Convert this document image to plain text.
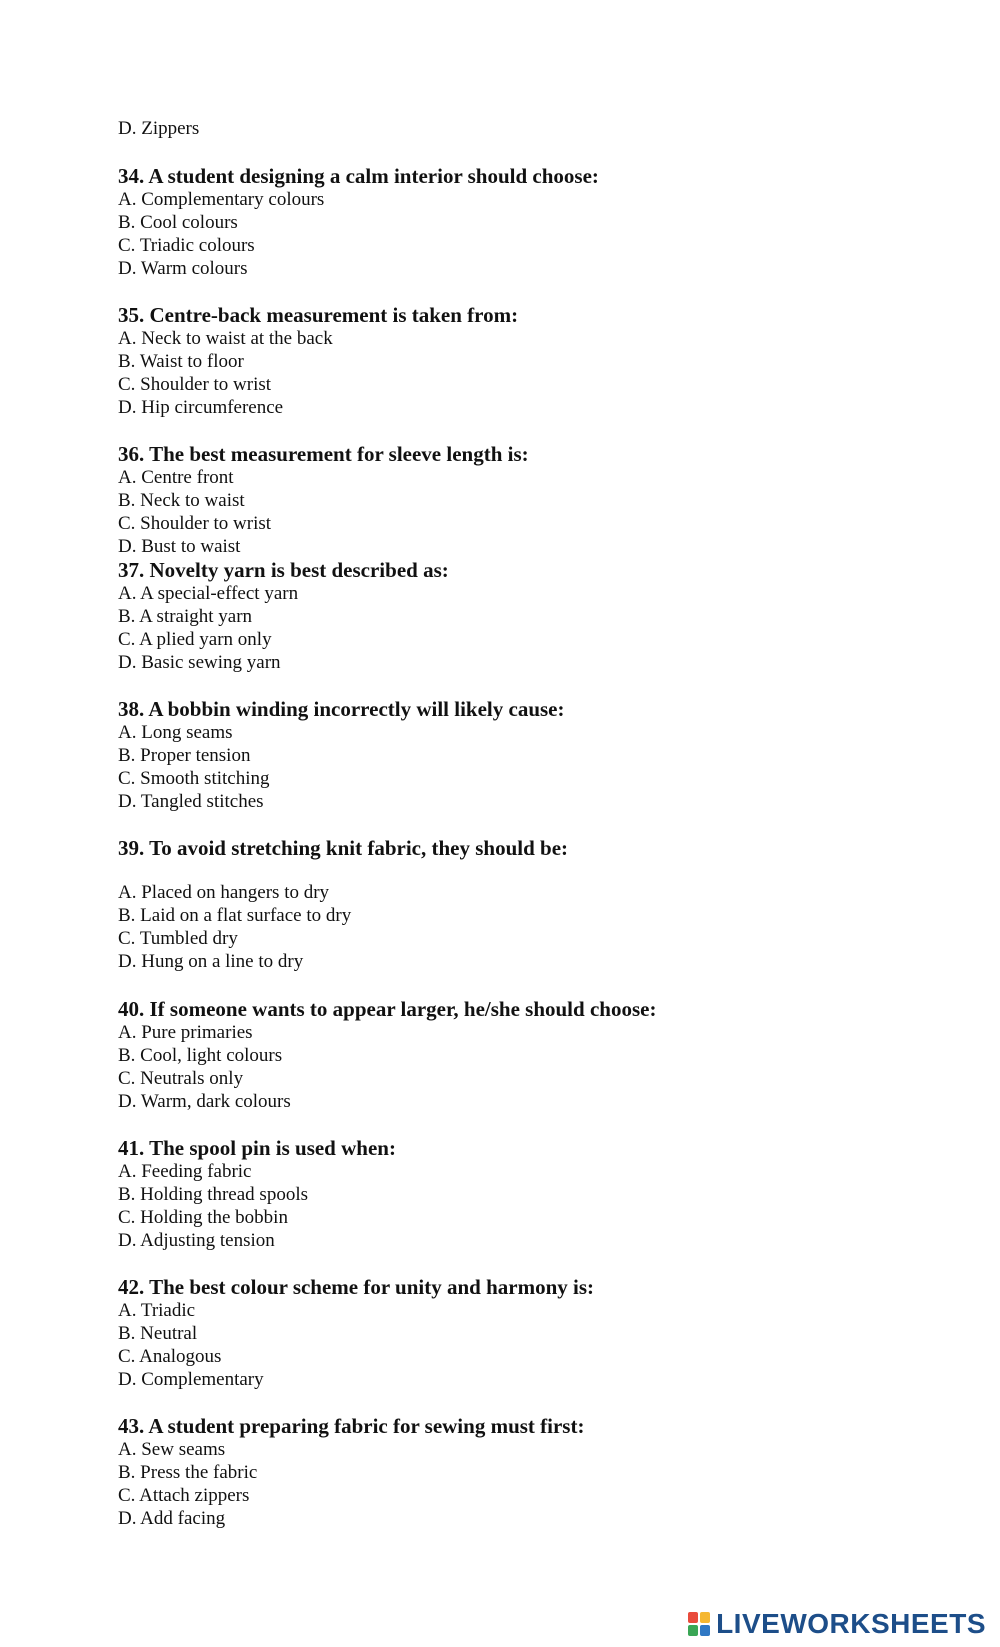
D. Zippers
34. A student designing a calm interior should choose:
A. Complementary colours
B. Cool colours
C. Triadic colours
D. Warm colours
35. Centre-back measurement is taken from:
A. Neck to waist at the back
B. Waist to floor
C. Shoulder to wrist
D. Hip circumference
36. The best measurement for sleeve length is:
A. Centre front
B. Neck to waist
C. Shoulder to wrist
D. Bust to waist
37. Novelty yarn is best described as:
A. A special-effect yarn
B. A straight yarn
C. A plied yarn only
D. Basic sewing yarn
38. A bobbin winding incorrectly will likely cause:
A. Long seams
B. Proper tension
C. Smooth stitching
D. Tangled stitches
39. To avoid stretching knit fabric, they should be:
A. Placed on hangers to dry
B. Laid on a flat surface to dry
C. Tumbled dry
D. Hung on a line to dry
40. If someone wants to appear larger, he/she should choose:
A. Pure primaries
B. Cool, light colours
C. Neutrals only
D. Warm, dark colours
41. The spool pin is used when:
A. Feeding fabric
B. Holding thread spools
C. Holding the bobbin
D. Adjusting tension
42. The best colour scheme for unity and harmony is:
A. Triadic
B. Neutral
C. Analogous
D. Complementary
43. A student preparing fabric for sewing must first:
A. Sew seams
B. Press the fabric
C. Attach zippers
D. Add facing
LIVEWORKSHEETS
